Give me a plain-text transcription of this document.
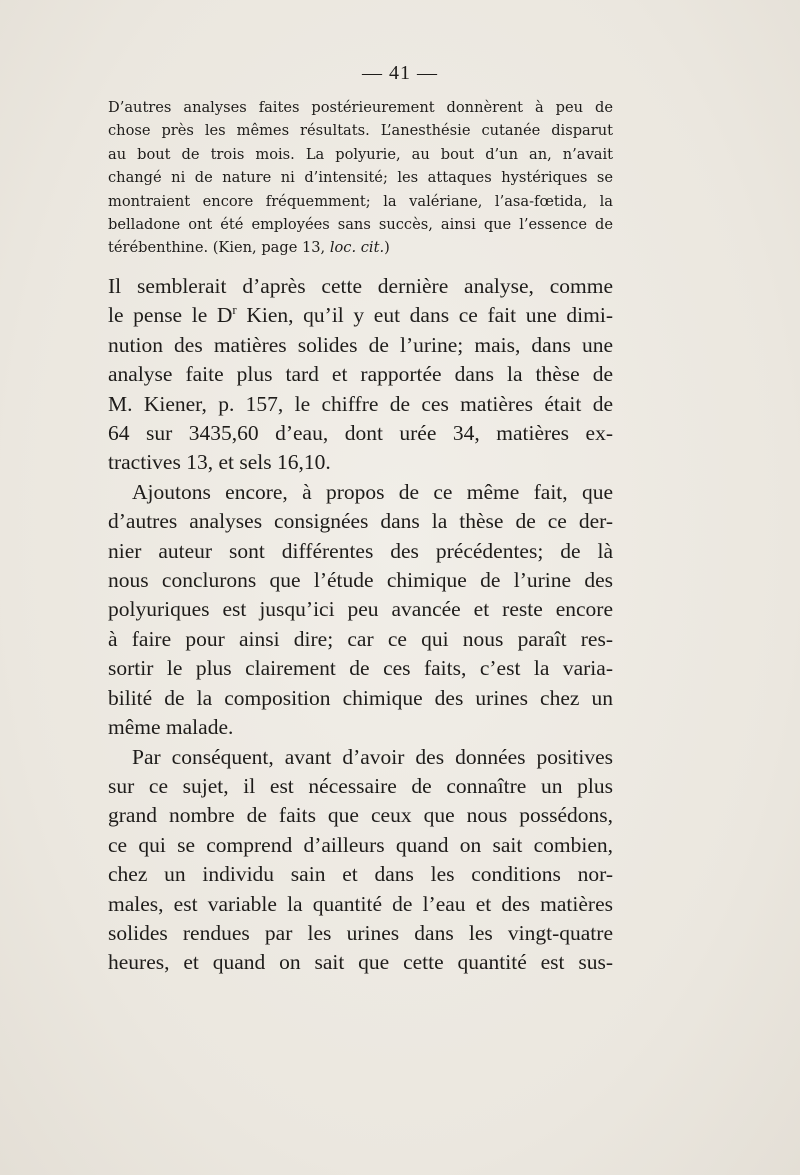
— 41 —
D’autres analyses faites postérieurement donnèrent à peu de
chose près les mêmes résultats. L’anesthésie cutanée disparut
au bout de trois mois. La polyurie, au bout d’un an, n’avait
changé ni de nature ni d’intensité; les attaques hystériques se
montraient encore fréquemment; la valériane, l’asa-fœtida, la
belladone ont été employées sans succès, ainsi que l’essence de
térébenthine. (Kien, page 13, loc. cit.)
Il semblerait d’après cette dernière analyse, comme
le pense le $D^r$ Kien, qu’il y eut dans ce fait une dimi-
nution des matières solides de l’urine; mais, dans une
analyse faite plus tard et rapportée dans la thèse de
M. Kiener, p. 157, le chiffre de ces matières était de
64 sur 3435,60 d’eau, dont urée 34, matières ex-
tractives 13, et sels 16,10.
Ajoutons encore, à propos de ce même fait, que
d’autres analyses consignées dans la thèse de ce der-
nier auteur sont différentes des précédentes; de là
nous conclurons que l’étude chimique de l’urine des
polyuriques est jusqu’ici peu avancée et reste encore
à faire pour ainsi dire; car ce qui nous paraît res-
sortir le plus clairement de ces faits, c’est la varia-
bilité de la composition chimique des urines chez un
même malade.
Par conséquent, avant d’avoir des données positives
sur ce sujet, il est nécessaire de connaître un plus
grand nombre de faits que ceux que nous possédons,
ce qui se comprend d’ailleurs quand on sait combien,
chez un individu sain et dans les conditions nor-
males, est variable la quantité de l’eau et des matières
solides rendues par les urines dans les vingt-quatre
heures, et quand on sait que cette quantité est sus-
